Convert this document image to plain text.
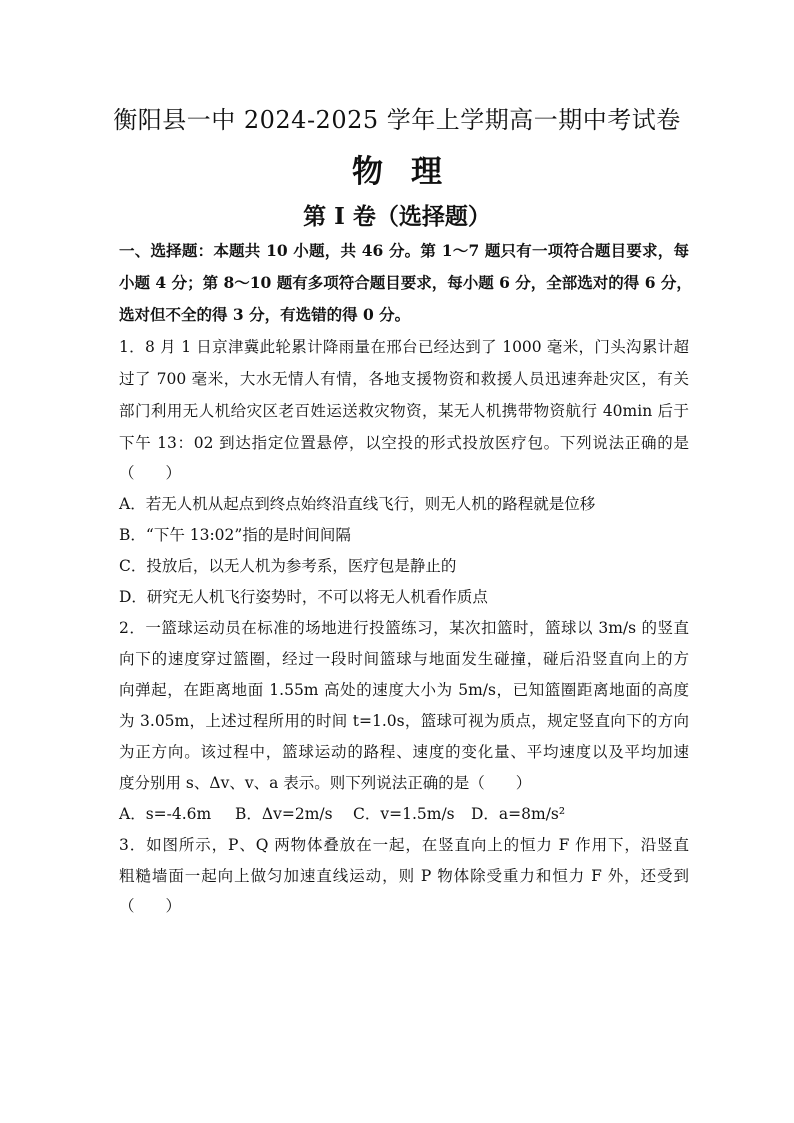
衡阳县一中 2024-2025 学年上学期高一期中考试卷
物理
第 I 卷（选择题）
一、选择题：本题共 10 小题，共 46 分。第 1～7 题只有一项符合题目要求，每
小题 4 分；第 8～10 题有多项符合题目要求，每小题 6 分，全部选对的得 6 分，
选对但不全的得 3 分，有选错的得 0 分。
1．8 月 1 日京津冀此轮累计降雨量在邢台已经达到了 1000 毫米，门头沟累计超
过了 700 毫米，大水无情人有情，各地支援物资和救援人员迅速奔赴灾区，有关
部门利用无人机给灾区老百姓运送救灾物资，某无人机携带物资航行 40min 后于
下午 13：02 到达指定位置悬停，以空投的形式投放医疗包。下列说法正确的是
（　　）
A．若无人机从起点到终点始终沿直线飞行，则无人机的路程就是位移
B．“下午 13:02”指的是时间间隔
C．投放后，以无人机为参考系，医疗包是静止的
D．研究无人机飞行姿势时，不可以将无人机看作质点
2．一篮球运动员在标准的场地进行投篮练习，某次扣篮时，篮球以 3m/s 的竖直
向下的速度穿过篮圈，经过一段时间篮球与地面发生碰撞，碰后沿竖直向上的方
向弹起，在距离地面 1.55m 高处的速度大小为 5m/s，已知篮圈距离地面的高度
为 3.05m，上述过程所用的时间 t=1.0s，篮球可视为质点，规定竖直向下的方向
为正方向。该过程中，篮球运动的路程、速度的变化量、平均速度以及平均加速
度分别用 s、Δv、v、a 表示。则下列说法正确的是（　　）
A．s=-4.6m	B．Δv=2m/s	C．v=1.5m/s	D．a=8m/s²
3．如图所示，P、Q 两物体叠放在一起，在竖直向上的恒力 F 作用下，沿竖直
粗糙墙面一起向上做匀加速直线运动，则 P 物体除受重力和恒力 F 外，还受到
（　　）
